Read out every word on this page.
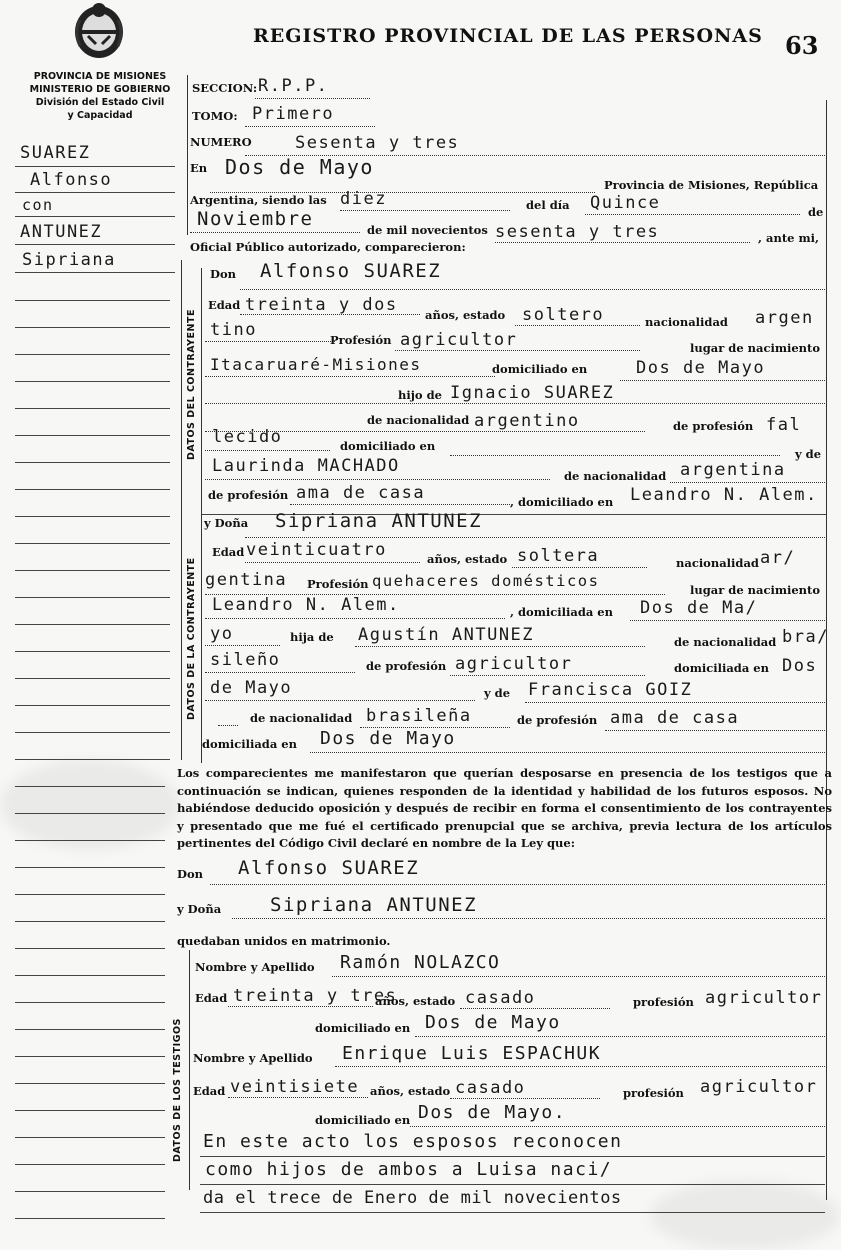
REGISTRO PROVINCIAL DE LAS PERSONAS 63
PROVINCIA DE MISIONES
MINISTERIO DE GOBIERNO
División del Estado Civil
y Capacidad
SUAREZ
Alfonso
con
ANTUNEZ
Sipriana
DATOS DEL CONTRAYENTE
DATOS DE LA CONTRAYENTE
DATOS DE LOS TESTIGOS
SECCION: R.P.P.
TOMO: Primero
NUMERO	Sesenta y tres
En Dos de Mayo
Provincia de Misiones, República
Argentina, siendo las diez	del día Quince	de
Noviembre	de mil novecientos sesenta y tres	, ante mi,
Oficial Público autorizado, comparecieron:
Don Alfonso SUAREZ
Edad treinta y dos años, estado soltero	nacionalidad argen
tino	Profesión agricultor	lugar de nacimiento
Itacaruaré-Misiones	domiciliado en	Dos de Mayo
hijo de Ignacio SUAREZ
de nacionalidad argentino	de profesión fal
lecido	domiciliado en
y de
Laurinda MACHADO	de nacionalidad argentina
de profesión ama de casa	, domiciliado en Leandro N. Alem.
y Doña Sipriana ANTUNEZ
Edad veinticuatro	años, estado soltera	nacionalidad ar/
gentina Profesión quehaceres domésticos	lugar de nacimiento
Leandro N. Alem.	, domiciliada en Dos de Ma/
yo	hija de Agustín ANTUNEZ	de nacionalidad bra/
sileño	de profesión agricultor	domiciliada en Dos
de Mayo	y de Francisca GOIZ
de nacionalidad brasileña	de profesión ama de casa
domiciliada en Dos de Mayo
Los comparecientes me manifestaron que querían desposarse en presencia de los testigos que a continuación se indican, quienes responden de la identidad y habilidad de los futuros esposos. No habiéndose deducido oposición y después de recibir en forma el consentimiento de los contrayentes y presentado que me fué el certificado prenupcial que se archiva, previa lectura de los artículos pertinentes del Código Civil declaré en nombre de la Ley que:
Don Alfonso SUAREZ
y Doña	Sipriana ANTUNEZ
quedaban unidos en matrimonio.
Nombre y Apellido Ramón NOLAZCO
Edad treinta y tres
años, estado casado	profesión agricultor
domiciliado en Dos de Mayo
Nombre y Apellido Enrique Luis ESPACHUK
Edad veintisiete años, estado casado	profesión agricultor
domiciliado en Dos de Mayo.
En este acto los esposos reconocen
como hijos de ambos a Luisa naci/
da el trece de Enero de mil novecientos
